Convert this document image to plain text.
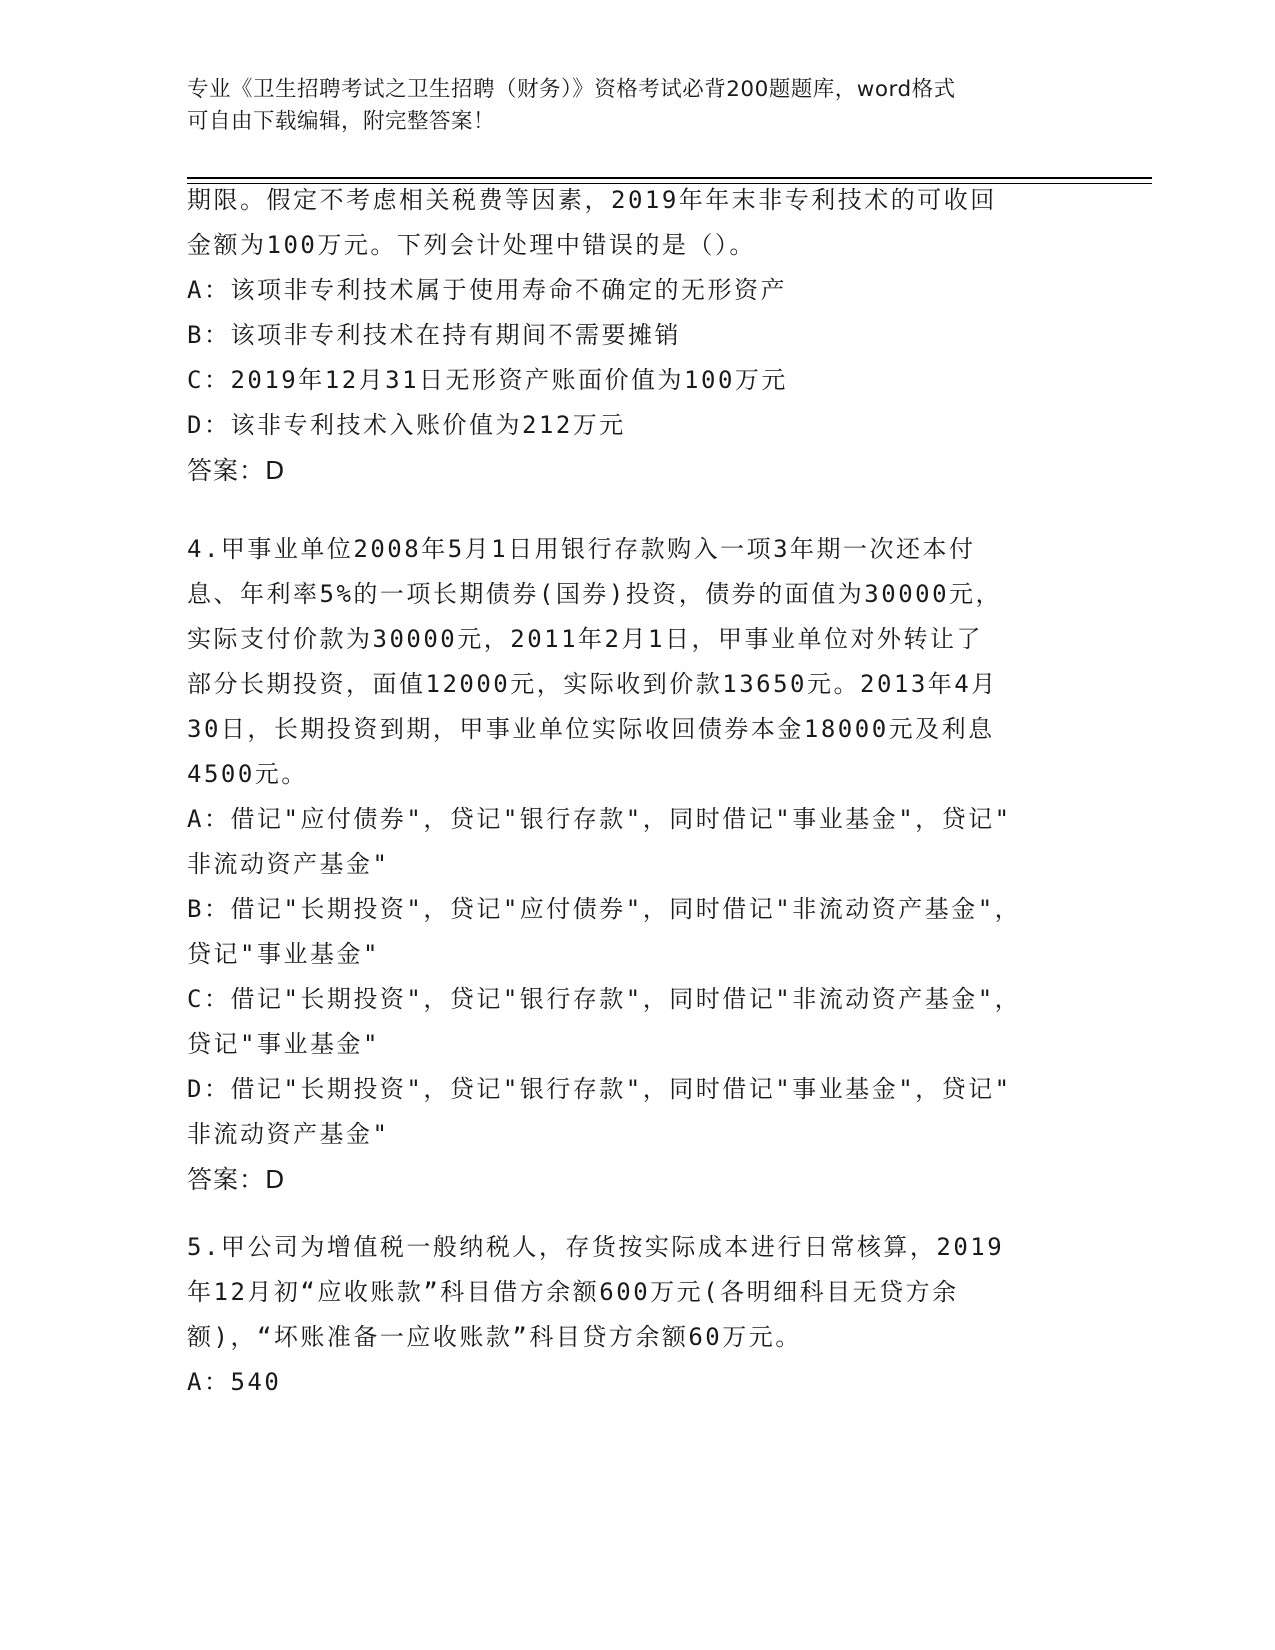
专业《卫生招聘考试之卫生招聘（财务）》资格考试必背200题题库，word格式
可自由下载编辑，附完整答案！
期限。假定不考虑相关税费等因素，2019年年末非专利技术的可收回
金额为100万元。下列会计处理中错误的是（）。
A：该项非专利技术属于使用寿命不确定的无形资产
B：该项非专利技术在持有期间不需要摊销
C：2019年12月31日无形资产账面价值为100万元
D：该非专利技术入账价值为212万元
答案：D
4.甲事业单位2008年5月1日用银行存款购入一项3年期一次还本付
息、年利率5%的一项长期债券(国券)投资，债券的面值为30000元，
实际支付价款为30000元，2011年2月1日，甲事业单位对外转让了
部分长期投资，面值12000元，实际收到价款13650元。2013年4月
30日，长期投资到期，甲事业单位实际收回债券本金18000元及利息
4500元。
A：借记"应付债券"，贷记"银行存款"，同时借记"事业基金"，贷记"
非流动资产基金"
B：借记"长期投资"，贷记"应付债券"，同时借记"非流动资产基金"，
贷记"事业基金"
C：借记"长期投资"，贷记"银行存款"，同时借记"非流动资产基金"，
贷记"事业基金"
D：借记"长期投资"，贷记"银行存款"，同时借记"事业基金"，贷记"
非流动资产基金"
答案：D
5.甲公司为增值税一般纳税人，存货按实际成本进行日常核算，2019
年12月初“应收账款”科目借方余额600万元(各明细科目无贷方余
额)，“坏账准备一应收账款”科目贷方余额60万元。
A：540
